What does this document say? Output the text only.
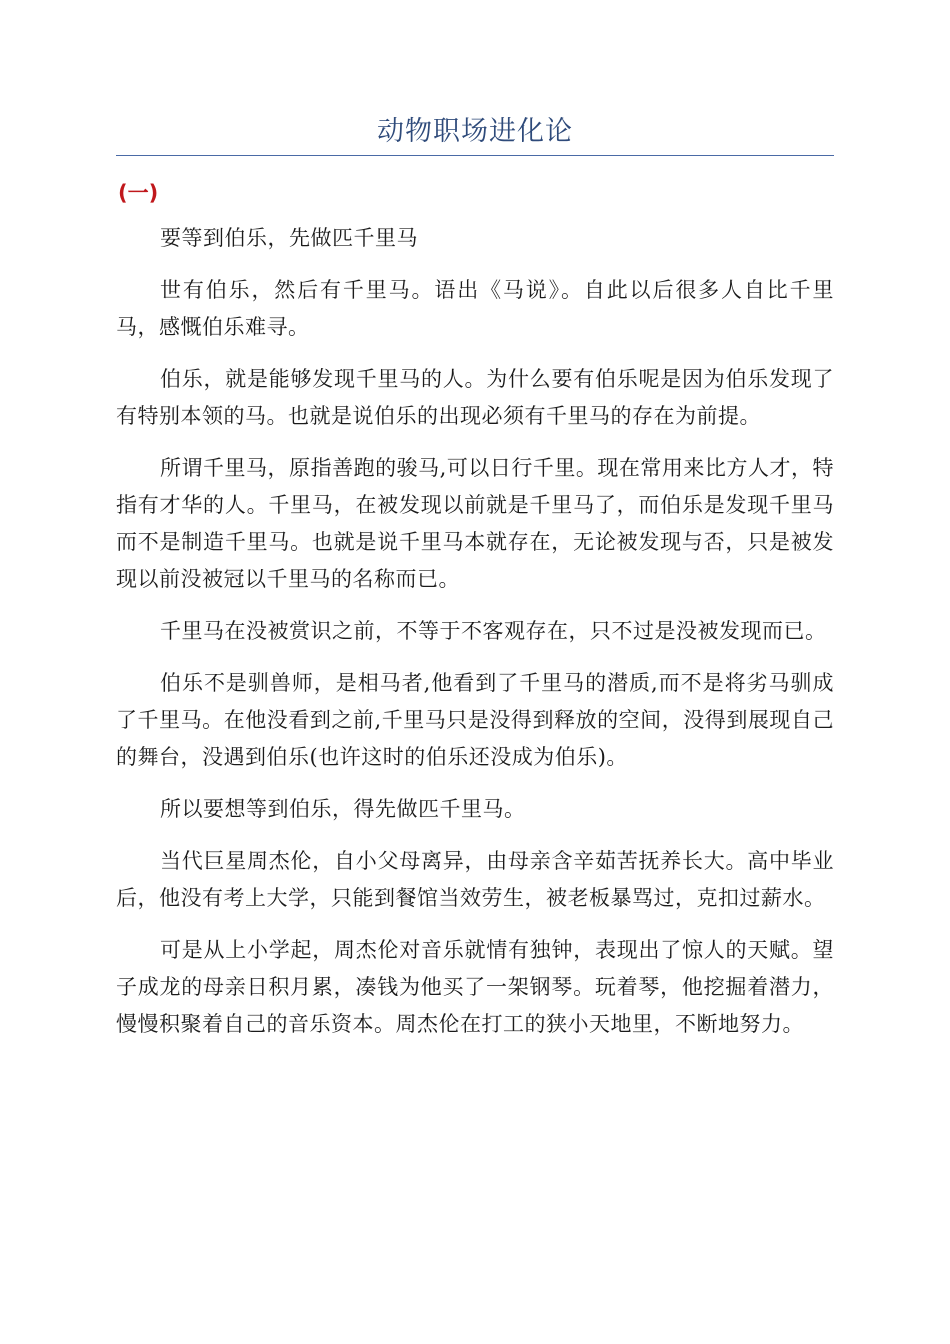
动物职场进化论
(一)

要等到伯乐，先做匹千里马

世有伯乐，然后有千里马。语出《马说》。自此以后很多人自比千里马，感慨伯乐难寻。

伯乐，就是能够发现千里马的人。为什么要有伯乐呢是因为伯乐发现了有特别本领的马。也就是说伯乐的出现必须有千里马的存在为前提。

所谓千里马，原指善跑的骏马,可以日行千里。现在常用来比方人才，特指有才华的人。千里马，在被发现以前就是千里马了，而伯乐是发现千里马而不是制造千里马。也就是说千里马本就存在，无论被发现与否，只是被发现以前没被冠以千里马的名称而已。

千里马在没被赏识之前，不等于不客观存在，只不过是没被发现而已。

伯乐不是驯兽师，是相马者,他看到了千里马的潜质,而不是将劣马驯成了千里马。在他没看到之前,千里马只是没得到释放的空间，没得到展现自己的舞台，没遇到伯乐(也许这时的伯乐还没成为伯乐)。

所以要想等到伯乐，得先做匹千里马。

当代巨星周杰伦，自小父母离异，由母亲含辛茹苦抚养长大。高中毕业后，他没有考上大学，只能到餐馆当效劳生，被老板暴骂过，克扣过薪水。

可是从上小学起，周杰伦对音乐就情有独钟，表现出了惊人的天赋。望子成龙的母亲日积月累，凑钱为他买了一架钢琴。玩着琴，他挖掘着潜力，慢慢积聚着自己的音乐资本。周杰伦在打工的狭小天地里，不断地努力。
